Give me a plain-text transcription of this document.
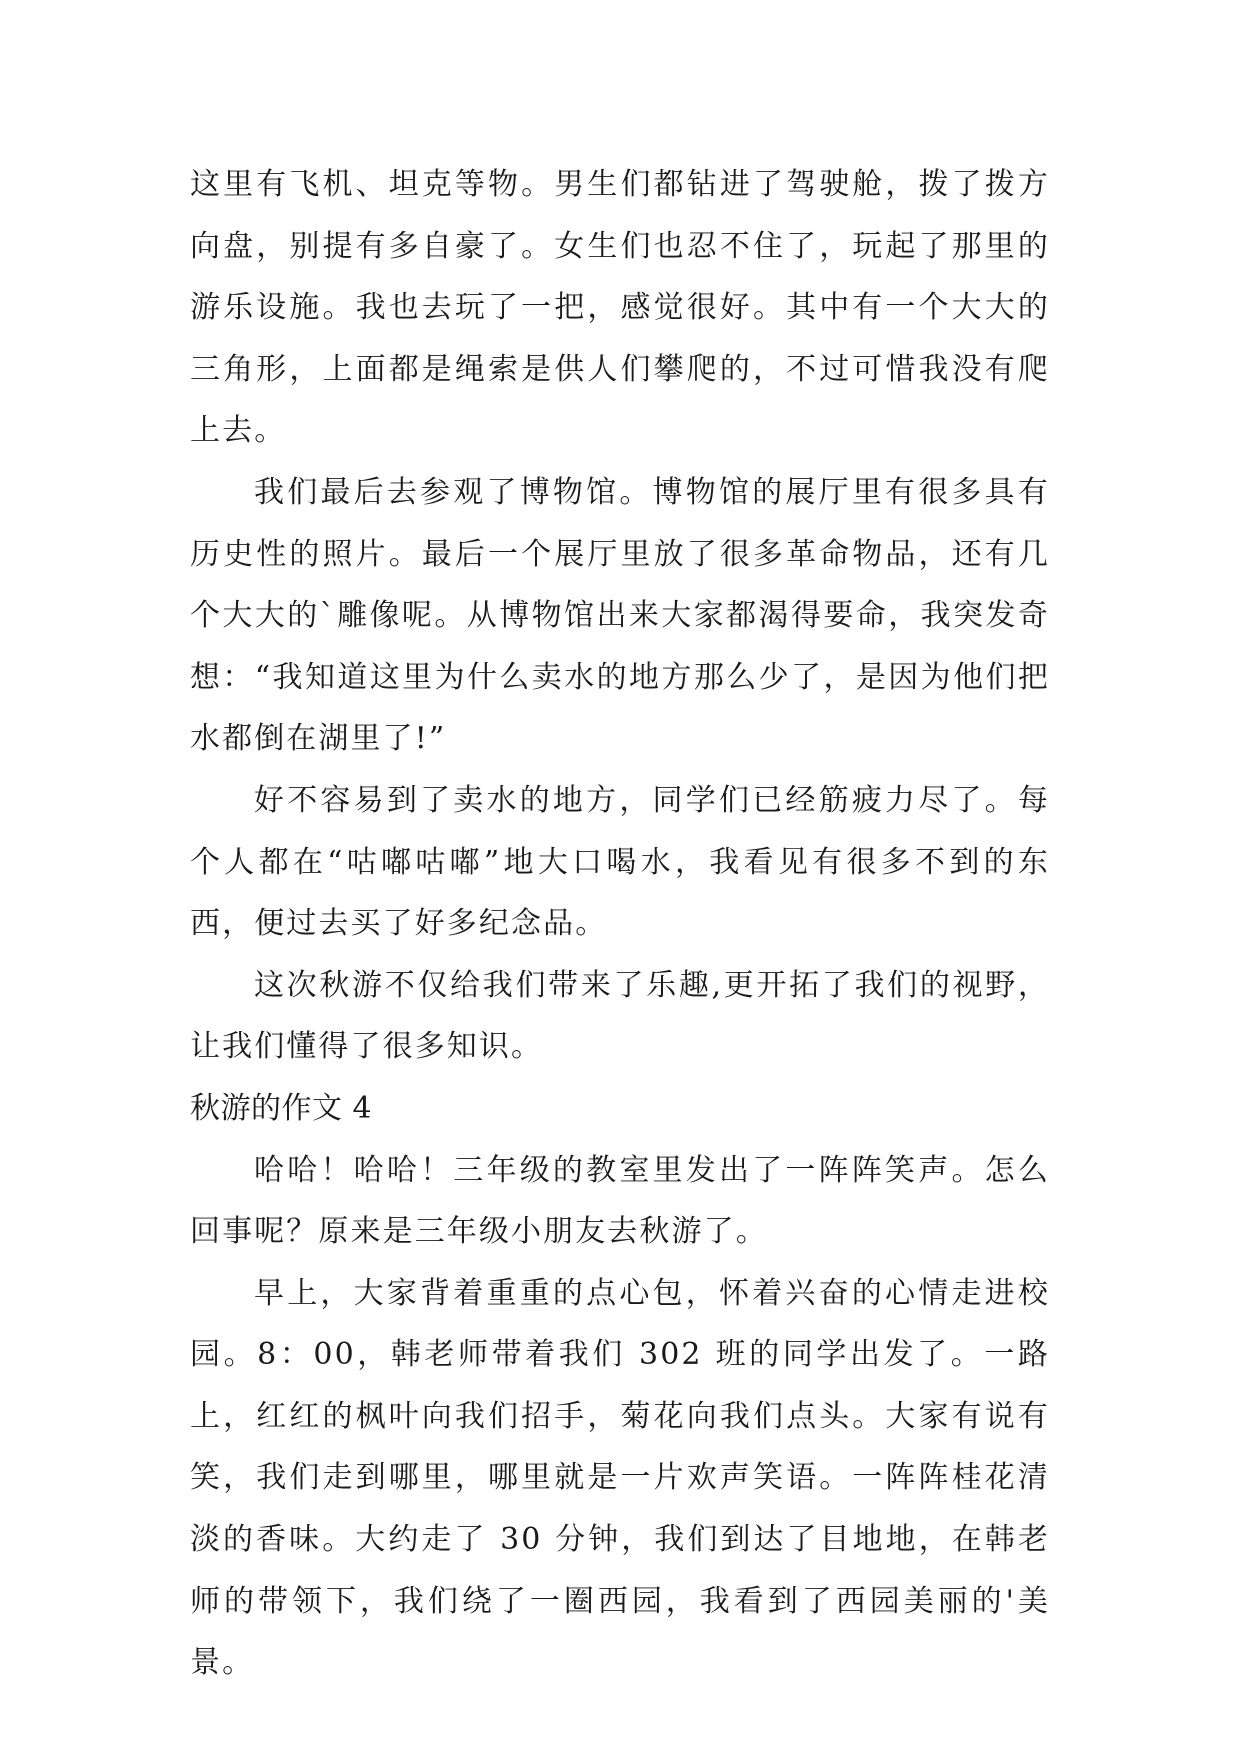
这里有飞机、坦克等物。男生们都钻进了驾驶舱，拨了拨方向盘，别提有多自豪了。女生们也忍不住了，玩起了那里的游乐设施。我也去玩了一把，感觉很好。其中有一个大大的三角形，上面都是绳索是供人们攀爬的，不过可惜我没有爬上去。

我们最后去参观了博物馆。博物馆的展厅里有很多具有历史性的照片。最后一个展厅里放了很多革命物品，还有几个大大的`雕像呢。从博物馆出来大家都渴得要命，我突发奇想：“我知道这里为什么卖水的地方那么少了，是因为他们把水都倒在湖里了!”

好不容易到了卖水的地方，同学们已经筋疲力尽了。每个人都在“咕嘟咕嘟”地大口喝水，我看见有很多不到的东西，便过去买了好多纪念品。

这次秋游不仅给我们带来了乐趣,更开拓了我们的视野，让我们懂得了很多知识。

秋游的作文 4

哈哈！哈哈！三年级的教室里发出了一阵阵笑声。怎么回事呢？原来是三年级小朋友去秋游了。

早上，大家背着重重的点心包，怀着兴奋的心情走进校园。8：00，韩老师带着我们 302 班的同学出发了。一路上，红红的枫叶向我们招手，菊花向我们点头。大家有说有笑，我们走到哪里，哪里就是一片欢声笑语。一阵阵桂花清淡的香味。大约走了 30 分钟，我们到达了目地地，在韩老师的带领下，我们绕了一圈西园，我看到了西园美丽的'美景。
